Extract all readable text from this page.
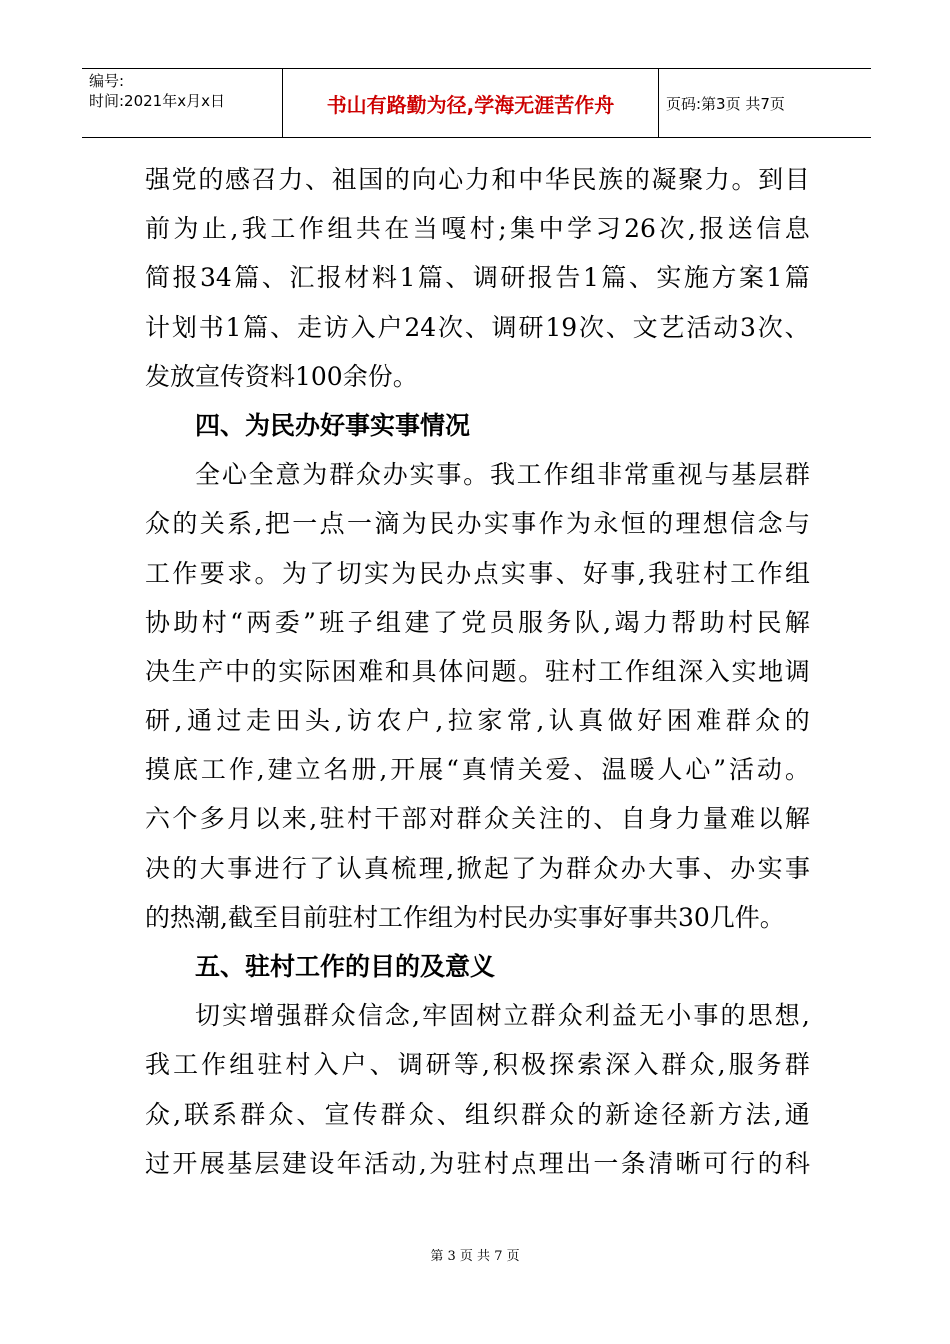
编号:
时间:2021年x月x日	书山有路勤为径,学海无涯苦作舟	页码:第3页 共7页
强 党 的 感 召 力 、 祖 国 的 向 心 力 和 中 华 民 族 的 凝 聚 力 。 到 目
前 为 止 , 我 工 作 组 共 在 当 嘎 村 ; 集 中 学 习 26 次 , 报 送 信 息
简 报 34 篇 、 汇 报 材 料 1 篇 、 调 研 报 告 1 篇 、 实 施 方 案 1 篇
计 划 书 1 篇 、 走 访 入 户 24 次 、 调 研 19 次 、 文 艺 活 动 3 次 、
发放宣传资料100余份。
四、为民办好事实事情况
全 心 全 意 为 群 众 办 实 事 。 我 工 作 组 非 常 重 视 与 基 层 群
众 的 关 系 , 把 一 点 一 滴 为 民 办 实 事 作 为 永 恒 的 理 想 信 念 与
工 作 要 求 。 为 了 切 实 为 民 办 点 实 事 、 好 事 , 我 驻 村 工 作 组
协 助 村 “ 两 委 ” 班 子 组 建 了 党 员 服 务 队 , 竭 力 帮 助 村 民 解
决 生 产 中 的 实 际 困 难 和 具 体 问 题 。 驻 村 工 作 组 深 入 实 地 调
研 , 通 过 走 田 头 , 访 农 户 , 拉 家 常 , 认 真 做 好 困 难 群 众 的
摸 底 工 作 , 建 立 名 册 , 开 展 “ 真 情 关 爱 、 温 暖 人 心 ” 活 动 。
六 个 多 月 以 来 , 驻 村 干 部 对 群 众 关 注 的 、 自 身 力 量 难 以 解
决 的 大 事 进 行 了 认 真 梳 理 , 掀 起 了 为 群 众 办 大 事 、 办 实 事
的热潮,截至目前驻村工作组为村民办实事好事共30几件。
五、驻村工作的目的及意义
切 实 增 强 群 众 信 念 , 牢 固 树 立 群 众 利 益 无 小 事 的 思 想 ,
我 工 作 组 驻 村 入 户 、 调 研 等 , 积 极 探 索 深 入 群 众 , 服 务 群
众 , 联 系 群 众 、 宣 传 群 众 、 组 织 群 众 的 新 途 径 新 方 法 , 通
过 开 展 基 层 建 设 年 活 动 , 为 驻 村 点 理 出 一 条 清 晰 可 行 的 科
第 3 页 共 7 页
